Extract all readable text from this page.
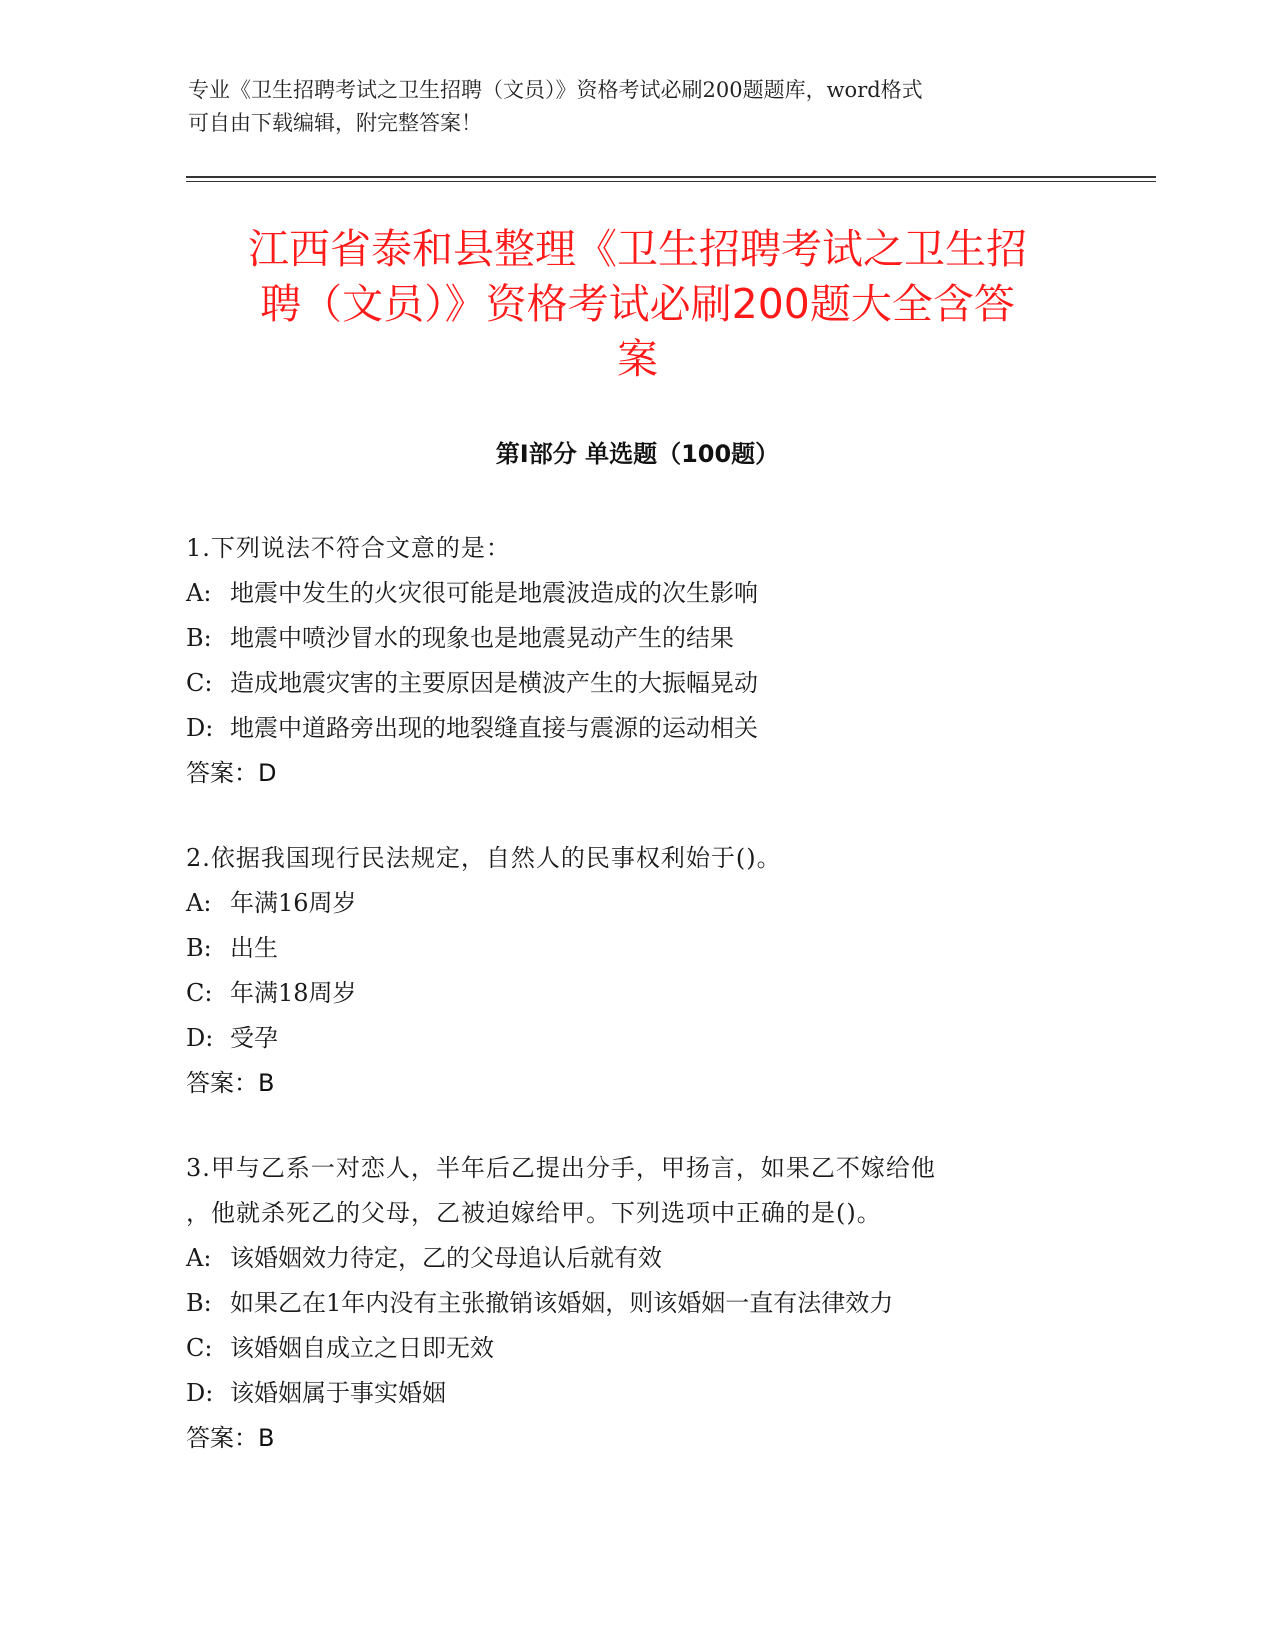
专业《卫生招聘考试之卫生招聘（文员）》资格考试必刷200题题库，word格式

可自由下载编辑，附完整答案！

江西省泰和县整理《卫生招聘考试之卫生招
聘（文员）》资格考试必刷200题大全含答
案
第I部分 单选题（100题）
1.下列说法不符合文意的是：
A: 地震中发生的火灾很可能是地震波造成的次生影响
B: 地震中喷沙冒水的现象也是地震晃动产生的结果
C: 造成地震灾害的主要原因是横波产生的大振幅晃动
D: 地震中道路旁出现的地裂缝直接与震源的运动相关
答案：D
2.依据我国现行民法规定，自然人的民事权利始于()。
A: 年满16周岁
B: 出生
C: 年满18周岁
D: 受孕
答案：B
3.甲与乙系一对恋人，半年后乙提出分手，甲扬言，如果乙不嫁给他
，他就杀死乙的父母，乙被迫嫁给甲。下列选项中正确的是()。
A: 该婚姻效力待定，乙的父母追认后就有效
B: 如果乙在1年内没有主张撤销该婚姻，则该婚姻一直有法律效力
C: 该婚姻自成立之日即无效
D: 该婚姻属于事实婚姻
答案：B
